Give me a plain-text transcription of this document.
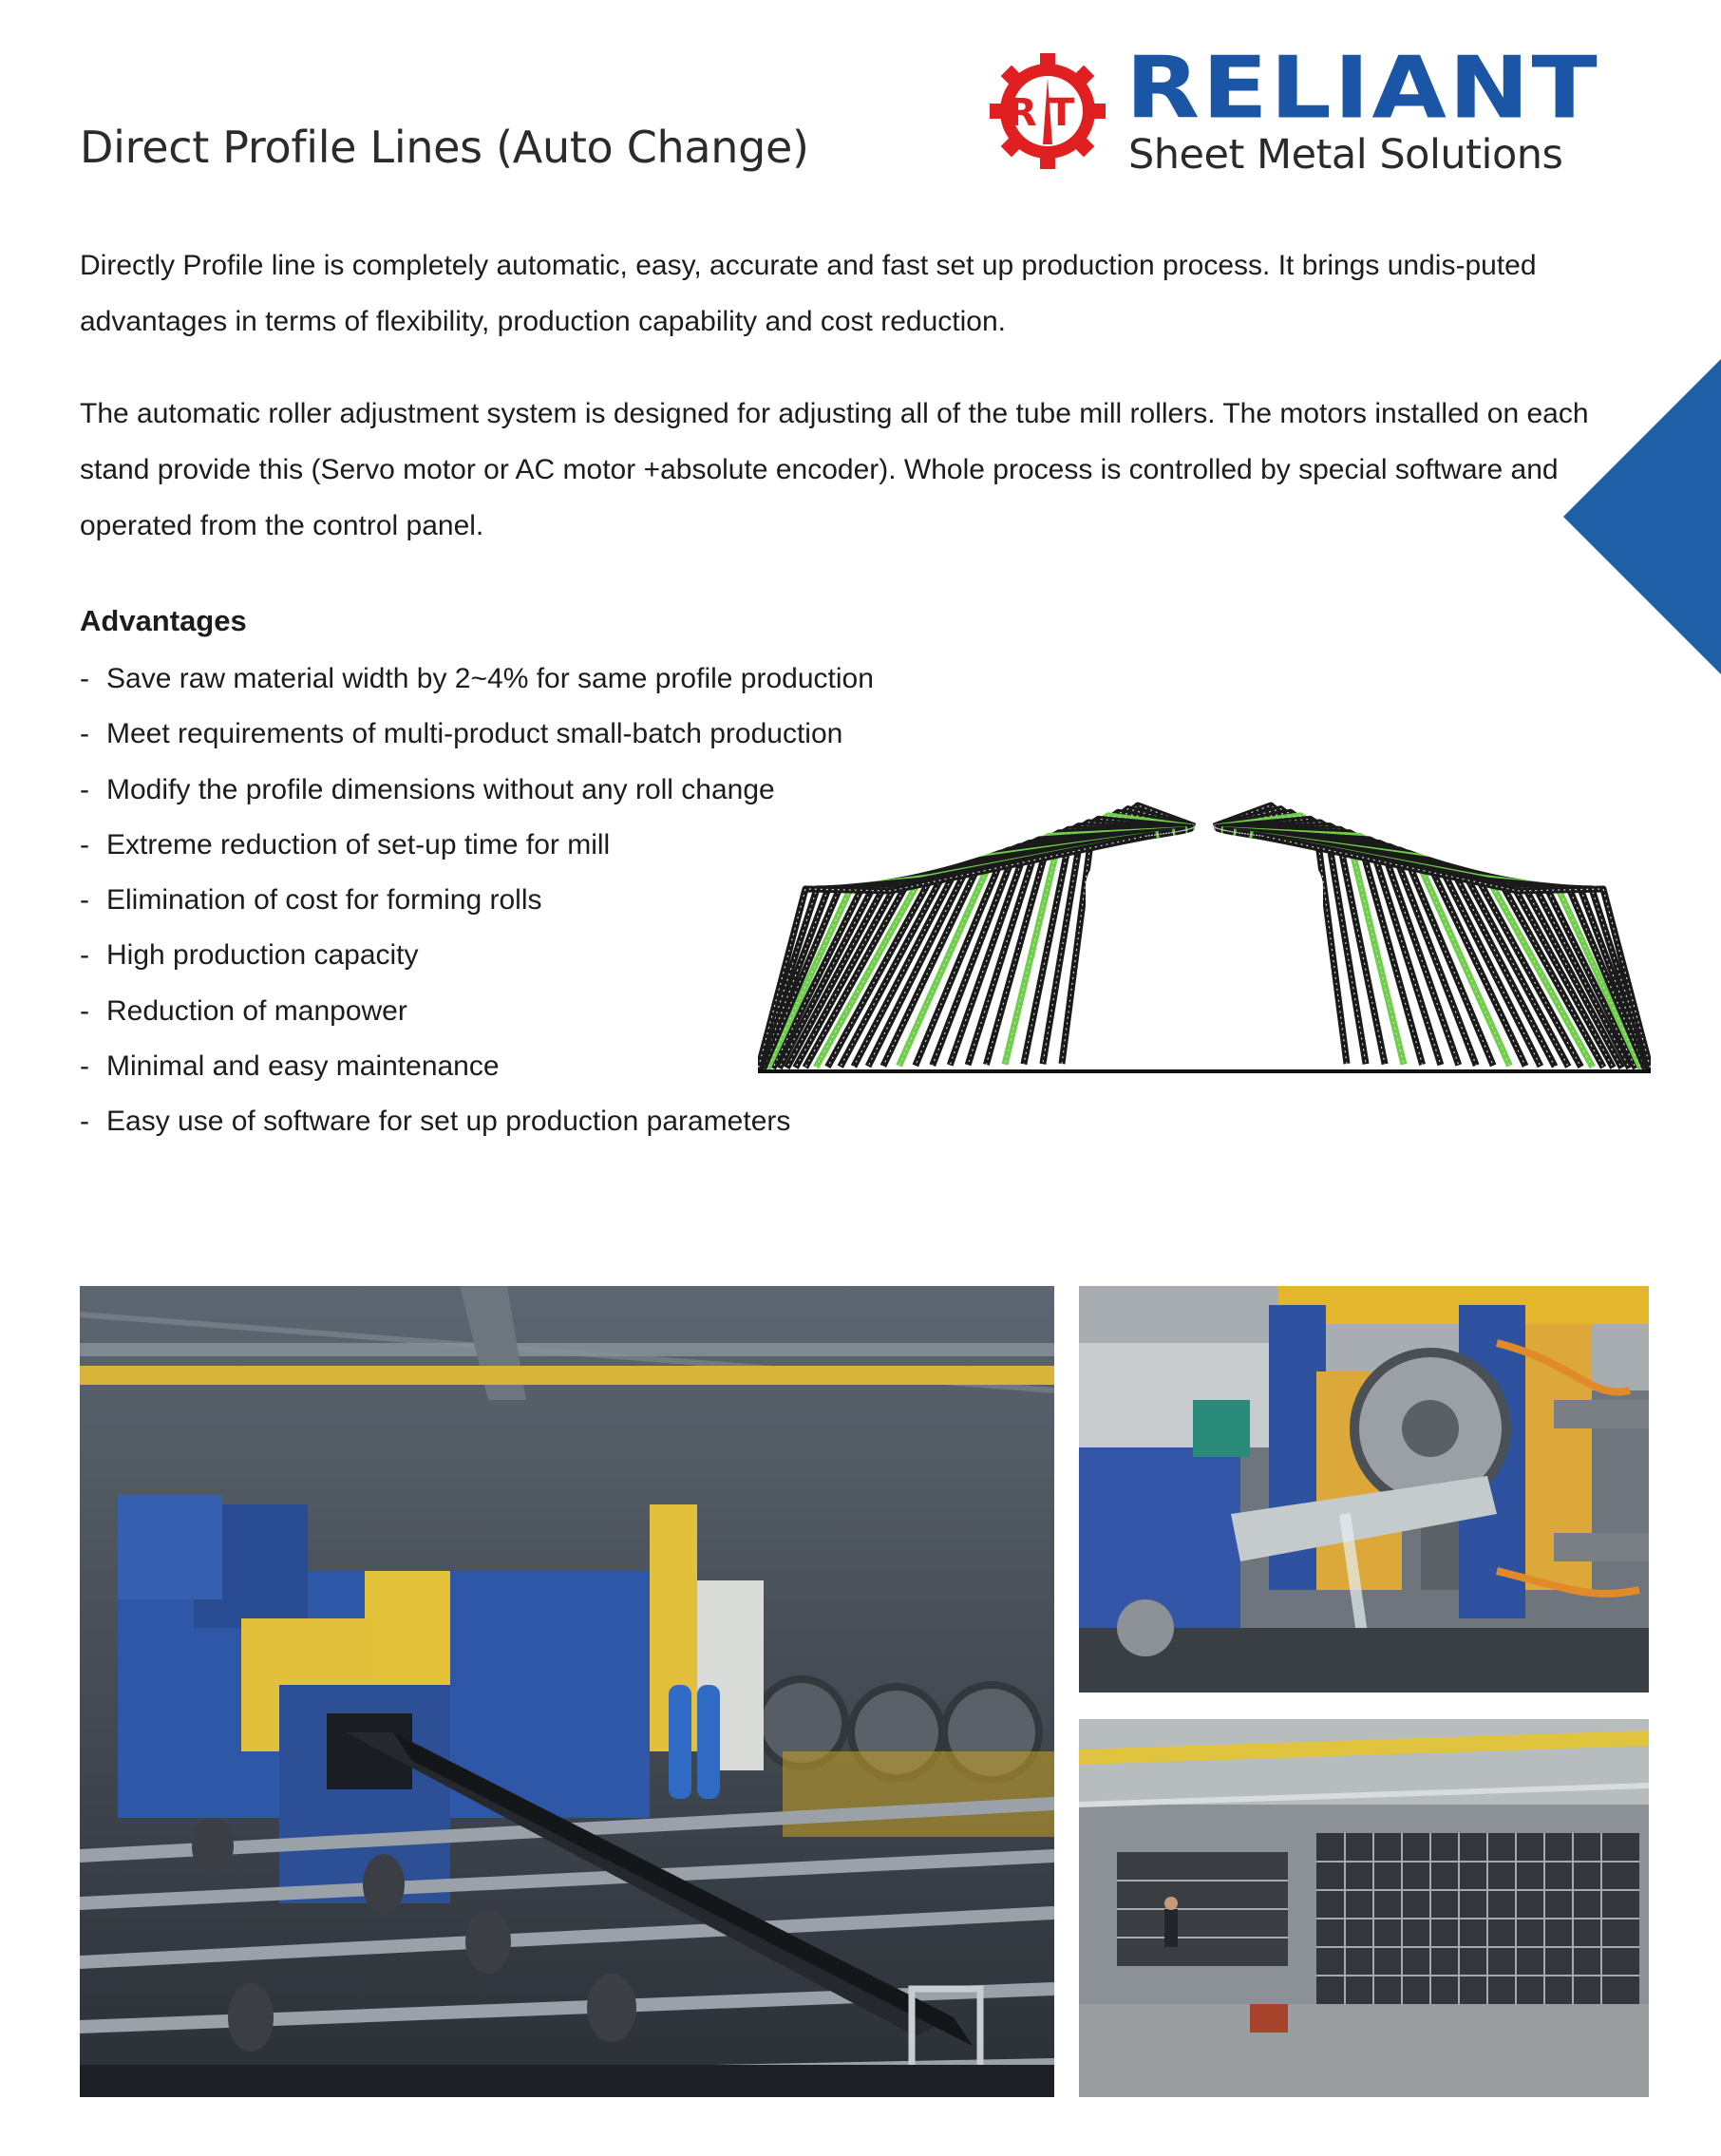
Direct Profile Lines (Auto Change)
RT RELIANT
Sheet Metal Solutions

Directly Profile line is completely automatic, easy, accurate and fast set up production process. It brings undis-puted advantages in terms of flexibility, production capability and cost reduction.

The automatic roller adjustment system is designed for adjusting all of the tube mill rollers. The motors installed on each stand provide this (Servo motor or AC motor +absolute encoder). Whole process is controlled by special software and operated from the control panel.

Advantages
- Save raw material width by 2~4% for same profile production
- Meet requirements of multi-product small-batch production
- Modify the profile dimensions without any roll change
- Extreme reduction of set-up time for mill
- Elimination of cost for forming rolls
- High production capacity
- Reduction of manpower
- Minimal and easy maintenance
- Easy use of software for set up production parameters
